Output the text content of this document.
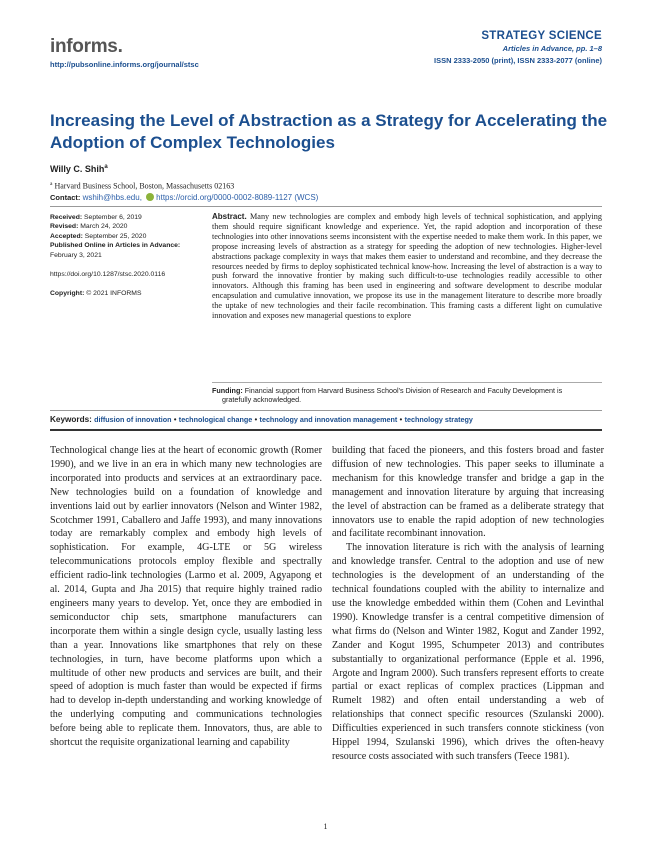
informs.
http://pubsonline.informs.org/journal/stsc
STRATEGY SCIENCE
Articles in Advance, pp. 1–8
ISSN 2333-2050 (print), ISSN 2333-2077 (online)
Increasing the Level of Abstraction as a Strategy for Accelerating the Adoption of Complex Technologies
Willy C. Shih$^a$
$^a$ Harvard Business School, Boston, Massachusetts 02163
Contact: wshih@hbs.edu, https://orcid.org/0000-0002-8089-1127 (WCS)
Received: September 6, 2019
Revised: March 24, 2020
Accepted: September 25, 2020
Published Online in Articles in Advance:
February 3, 2021
https://doi.org/10.1287/stsc.2020.0116
Copyright: © 2021 INFORMS
Abstract. Many new technologies are complex and embody high levels of technical sophistication, and applying them should require significant knowledge and experience. Yet, the rapid adoption and incorporation of these technologies into other innovations seems inconsistent with the expertise needed to make them work. In this paper, we propose increasing levels of abstraction as a strategy for speeding the adoption of new technologies. Higher-level abstractions package complexity in ways that makes them easier to understand and recombine, and they decrease the resources needed by firms to deploy sophisticated technical know-how. Increasing the level of abstraction is a way to push forward the innovative frontier by making such difficult-to-use technologies readily accessible to other innovators. Although this framing has been used in engineering and software development to describe modular encapsulation and cumulative innovation, we propose its use in the management literature to describe more broadly the uptake of new technologies and their facile recombination. This framing casts a different light on cumulative innovation and exposes new managerial questions to explore
Funding: Financial support from Harvard Business School’s Division of Research and Faculty Development is
gratefully acknowledged.
Keywords: diffusion of innovation • technological change • technology and innovation management • technology strategy

Technological change lies at the heart of economic growth (Romer 1990), and we live in an era in which many new technologies are incorporated into products and services at an extraordinary pace. New technologies build on a foundation of knowledge and inventions laid out by earlier innovators (Nelson and Winter 1982, Scotchmer 1991, Caballero and Jaffe 1993), and many innovations today are remarkably complex and embody high levels of sophistication. For example, 4G-LTE or 5G wireless telecommunications protocols employ flexible and spectrally efficient radio-link technologies (Larmo et al. 2009, Agyapong et al. 2014, Gupta and Jha 2015) that require highly trained radio engineers many years to develop. Yet, once they are embodied in semiconductor chip sets, smartphone manufacturers can incorporate them within a single design cycle, usually lasting less than a year. Innovations like smartphones that rely on these technologies, in turn, have become platforms upon which a multitude of other new products and services are built, and their speed of adoption is much faster than would be expected if firms had to develop in-depth understanding and working knowledge of the underlying computing and communications technologies before being able to replicate them. Innovators, thus, are able to shortcut the requisite organizational learning and capability

building that faced the pioneers, and this fosters broad and faster diffusion of new technologies. This paper seeks to illuminate a mechanism for this knowledge transfer and bridge a gap in the management and innovation literature by arguing that increasing the level of abstraction can be framed as a deliberate strategy that innovators use to enable the rapid adoption of new technologies and facilitate recombinant innovation.

The innovation literature is rich with the analysis of learning and knowledge transfer. Central to the adoption and use of new technologies is the development of an understanding of the technical foundations coupled with the ability to internalize and use the knowledge embedded within them (Cohen and Levinthal 1990). Knowledge transfer is a central competitive dimension of what firms do (Nelson and Winter 1982, Kogut and Zander 1992, Zander and Kogut 1995, Schumpeter 2013) and contributes substantially to organizational performance (Epple et al. 1996, Argote and Ingram 2000). Such transfers represent efforts to create partial or exact replicas of complex practices (Lippman and Rumelt 1982) and often entail understanding a web of relationships that connect specific resources (Szulanski 2000). Difficulties experienced in such transfers connote stickiness (von Hippel 1994, Szulanski 1996), which drives the often-heavy resource costs associated with such transfers (Teece 1981).

1
